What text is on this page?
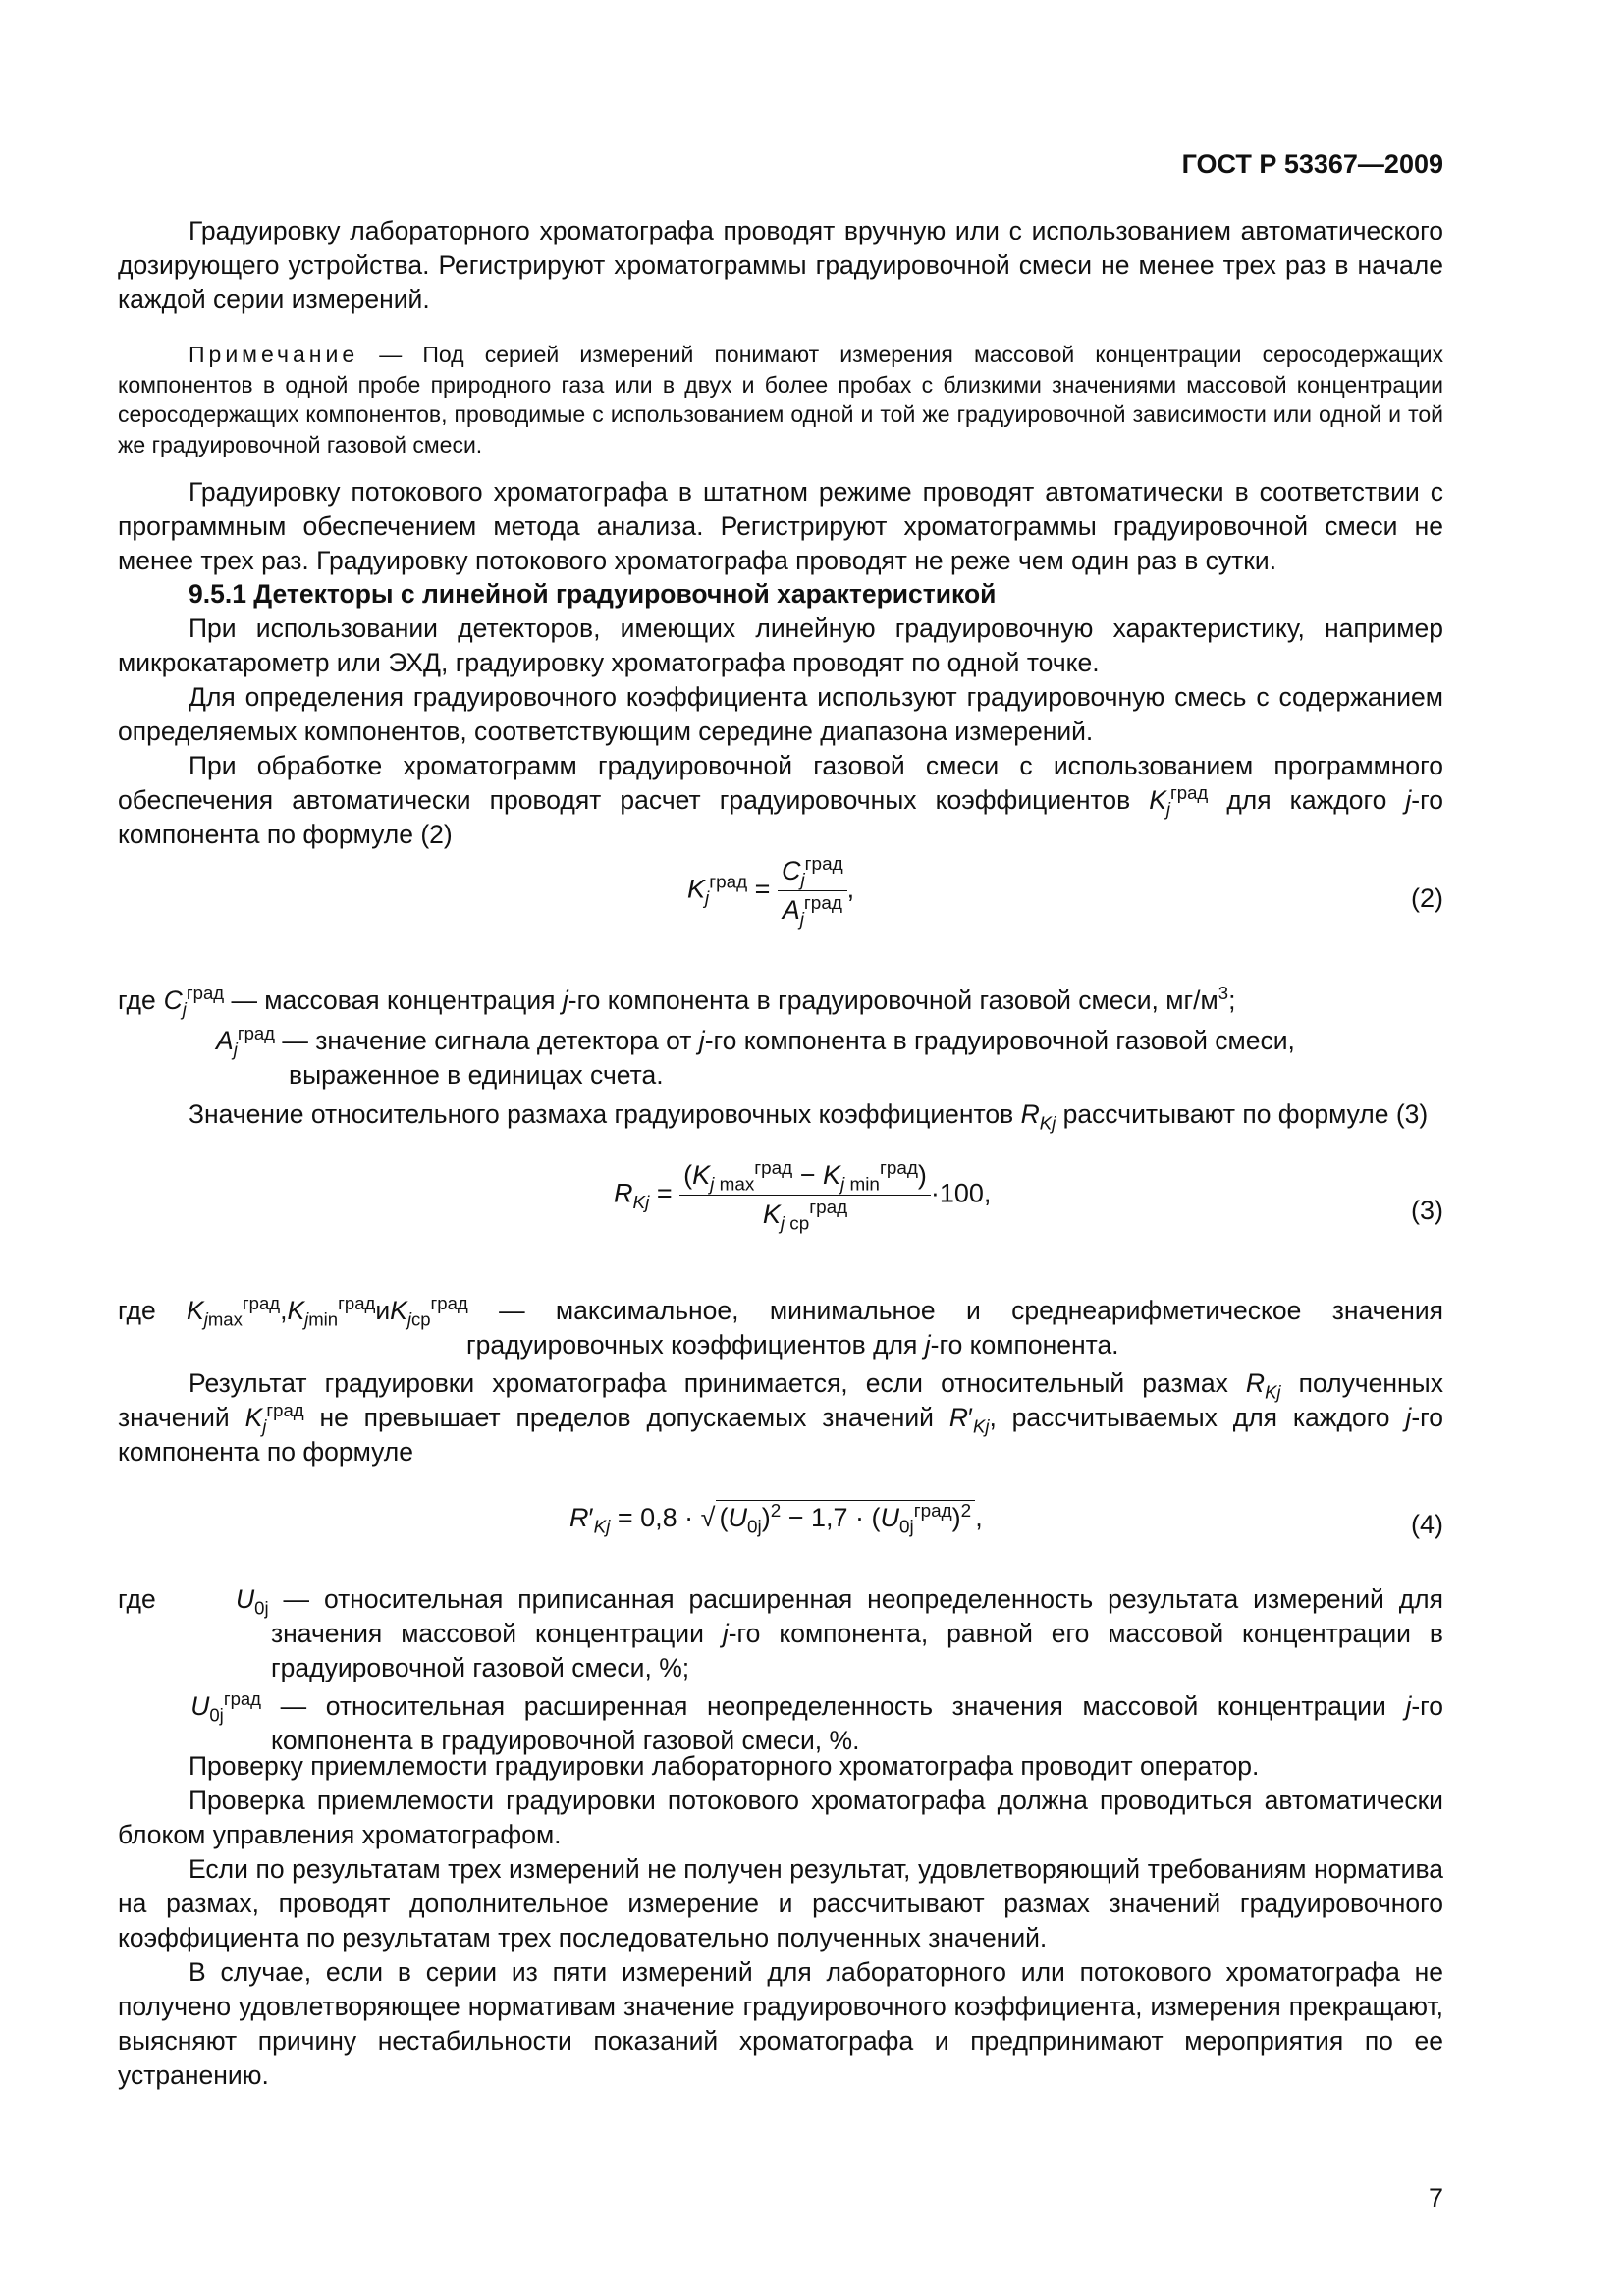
ГОСТ Р 53367—2009

Градуировку лабораторного хроматографа проводят вручную или с использованием автоматического дозирующего устройства. Регистрируют хроматограммы градуировочной смеси не менее трех раз в начале каждой серии измерений.

Примечание — Под серией измерений понимают измерения массовой концентрации серосодержащих компонентов в одной пробе природного газа или в двух и более пробах с близкими значениями массовой концентрации серосодержащих компонентов, проводимые с использованием одной и той же градуировочной зависимости или одной и той же градуировочной газовой смеси.

Градуировку потокового хроматографа в штатном режиме проводят автоматически в соответствии с программным обеспечением метода анализа. Регистрируют хроматограммы градуировочной смеси не менее трех раз. Градуировку потокового хроматографа проводят не реже чем один раз в сутки.

9.5.1 Детекторы с линейной градуировочной характеристикой

При использовании детекторов, имеющих линейную градуировочную характеристику, например микрокатарометр или ЭХД, градуировку хроматографа проводят по одной точке.

Для определения градуировочного коэффициента используют градуировочную смесь с содержанием определяемых компонентов, соответствующим середине диапазона измерений.

При обработке хроматограмм градуировочной газовой смеси с использованием программного обеспечения автоматически проводят расчет градуировочных коэффициентов $K_j^{град}$ для каждого j-го компонента по формуле (2)

$K_j^{град} = \frac{C_j^{град}}{A_j^{град}}$ ,	(2)
где $C_j^{град}$ — массовая концентрация j-го компонента в градуировочной газовой смеси, $мг/м^3$;
$A_j^{град}$ — значение сигнала детектора от j-го компонента в градуировочной газовой смеси, выраженное в единицах счета.

Значение относительного размаха градуировочных коэффициентов $R_{Kj}$ рассчитывают по формуле (3)

$R_{Kj} = \frac{(K_{j max}^{град} - K_{j min}^{град})}{K_{j ср}^{град}} \cdot 100$,
(3)
где $K_{jmax}^{град},K_{jmin}^{град}иK_{jср}^{град}$ — максимальное, минимальное и среднеарифметическое значения градуировочных коэффициентов для j-го компонента.

Результат градуировки хроматографа принимается, если относительный размах $R_{Kj}$ полученных значений $K_j^{град}$ не превышает пределов допускаемых значений $R'_{Kj}$, рассчитываемых для каждого j-го компонента по формуле

$R'_{Kj} = 0,8$ · √ $(U_{0j})^2 - 1,7 \cdot (U_{0j}^{град})^2$ ,	(4)
где	$U_{0j}$ — относительная приписанная расширенная неопределенность результата измерений для значения массовой концентрации j-го компонента, равной его массовой концентрации в градуировочной газовой смеси, %;
$U_{0j}^{град}$ — относительная расширенная неопределенность значения массовой концентрации j-го компонента в градуировочной газовой смеси, %.

Проверку приемлемости градуировки лабораторного хроматографа проводит оператор.

Проверка приемлемости градуировки потокового хроматографа должна проводиться автоматически блоком управления хроматографом.

Если по результатам трех измерений не получен результат, удовлетворяющий требованиям норматива на размах, проводят дополнительное измерение и рассчитывают размах значений градуировочного коэффициента по результатам трех последовательно полученных значений.

В случае, если в серии из пяти измерений для лабораторного или потокового хроматографа не получено удовлетворяющее нормативам значение градуировочного коэффициента, измерения прекращают, выясняют причину нестабильности показаний хроматографа и предпринимают мероприятия по ее устранению.

7
